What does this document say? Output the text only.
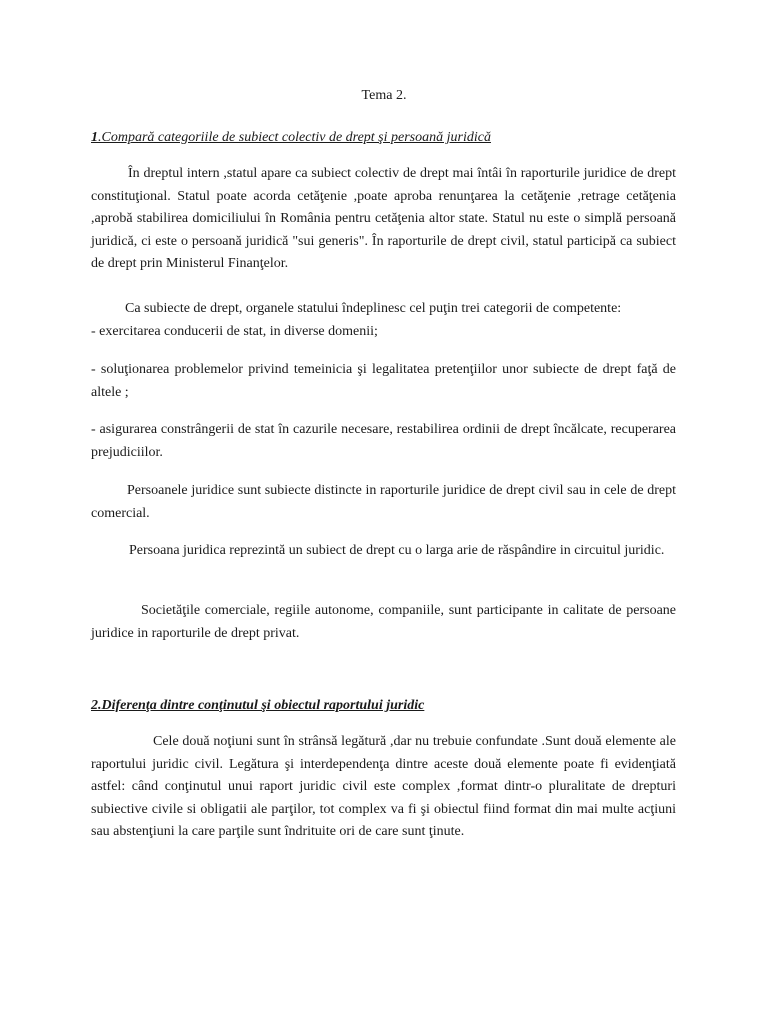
Tema 2.

1.Compară categoriile de subiect colectiv de drept şi persoană juridică

În dreptul intern ,statul apare ca subiect colectiv de drept mai întâi în raporturile juridice de drept constituţional. Statul poate acorda cetăţenie ,poate aproba renunţarea la cetăţenie ,retrage cetăţenia ,aprobă stabilirea domiciliului în România pentru cetăţenia altor state. Statul nu este o simplă persoană juridică, ci este o persoană juridică "sui generis". În raporturile de drept civil, statul participă ca subiect de drept prin Ministerul Finanţelor.

Ca subiecte de drept, organele statului îndeplinesc cel puţin trei categorii de competente:

- exercitarea conducerii de stat, in diverse domenii;

- soluţionarea problemelor privind temeinicia şi legalitatea pretenţiilor unor subiecte de drept faţă de altele ;

- asigurarea constrângerii de stat în cazurile necesare, restabilirea ordinii de drept încălcate, recuperarea prejudiciilor.

Persoanele juridice sunt subiecte distincte in raporturile juridice de drept civil sau in cele de drept comercial.

Persoana juridica reprezintă un subiect de drept cu o larga arie de răspândire in circuitul juridic.

Societăţile comerciale, regiile autonome, companiile, sunt participante in calitate de persoane juridice in raporturile de drept privat.

2.Diferenţa dintre conţinutul şi obiectul raportului juridic

Cele două noţiuni sunt în strânsă legătură ,dar nu trebuie confundate .Sunt două elemente ale raportului juridic civil. Legătura şi interdependenţa dintre aceste două elemente poate fi evidenţiată astfel: când conţinutul unui raport juridic civil este complex ,format dintr-o pluralitate de drepturi subiective civile si obligatii ale parţilor, tot complex va fi şi obiectul fiind format din mai multe acţiuni sau abstenţiuni la care parţile sunt îndrituite ori de care sunt ţinute.
